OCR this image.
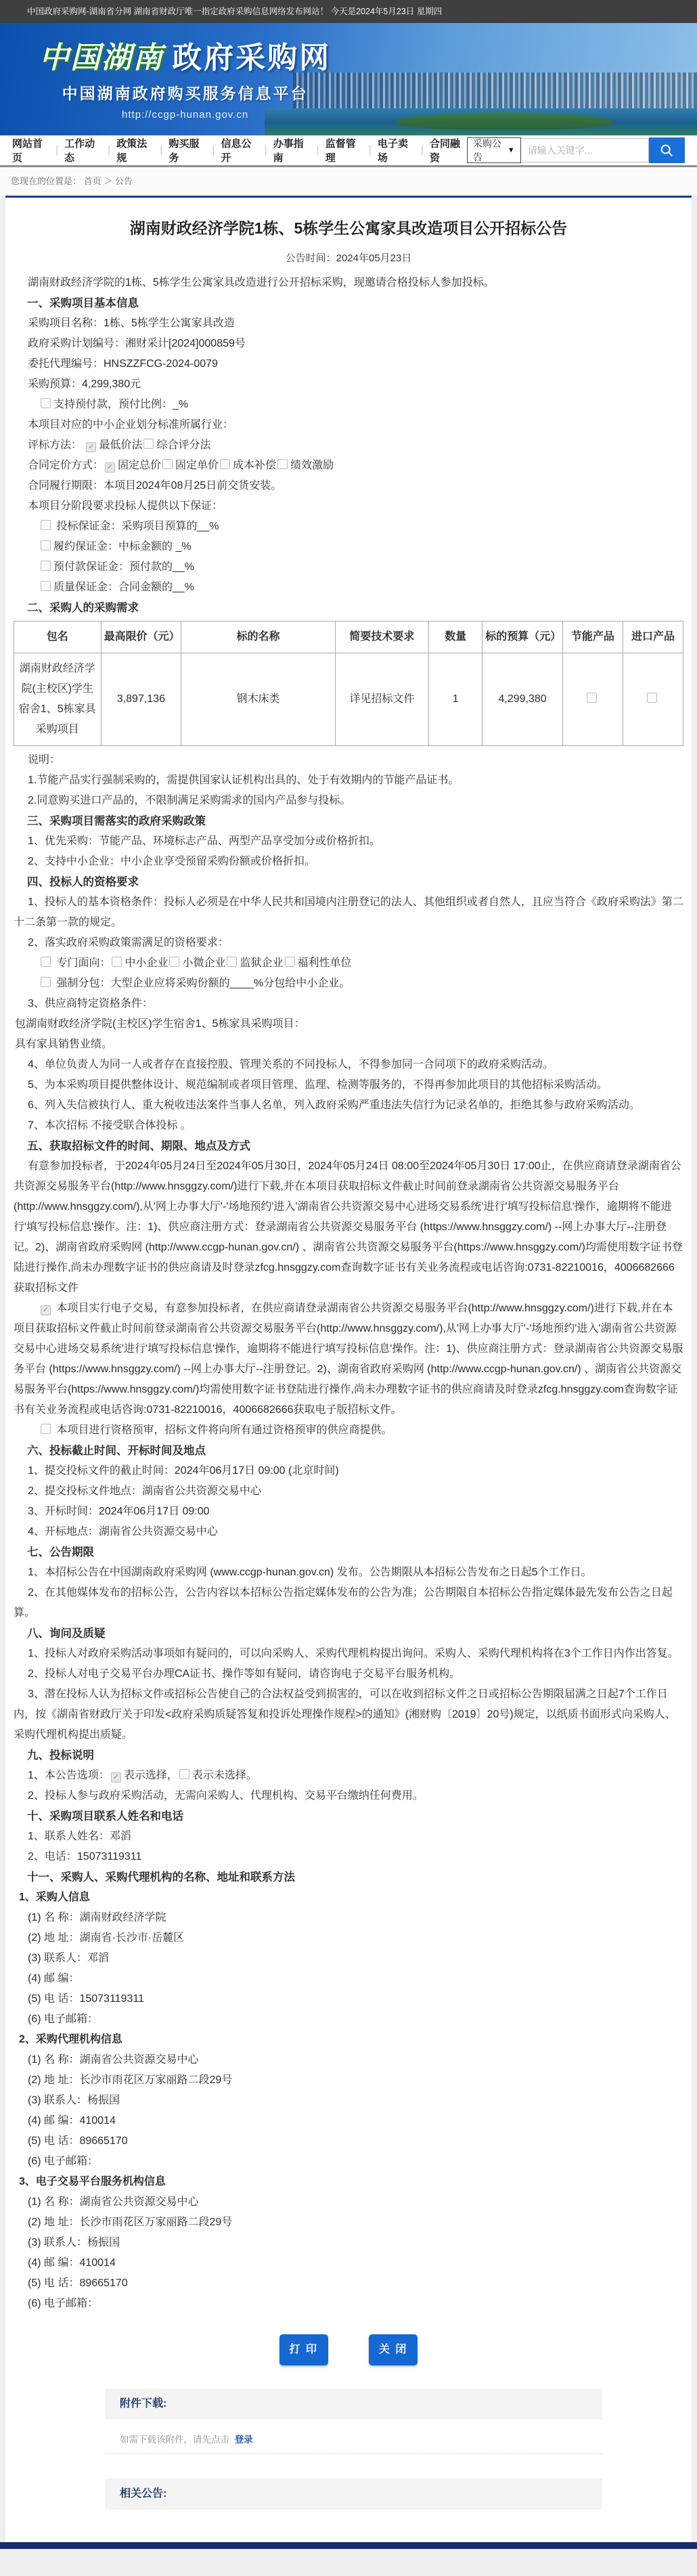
中国政府采购网-湖南省分网 湖南省财政厅唯一指定政府采购信息网络发布网站！ 今天是2024年5月23日 星期四
中国湖南 政府采购网
中国湖南政府购买服务信息平台
http://ccgp-hunan.gov.cn
网站首页
|
工作动态
|
政策法规
|
购买服务
|
信息公开
|
办事指南
|
监督管理
|
电子卖场
|
合同融资
采购公告
▼
请输入关键字...
您现在的位置是： 首页 ＞ 公告
湖南财政经济学院1栋、5栋学生公寓家具改造项目公开招标公告
公告时间：2024年05月23日

湖南财政经济学院的1栋、5栋学生公寓家具改造进行公开招标采购，现邀请合格投标人参加投标。

一、采购项目基本信息

采购项目名称：1栋、5栋学生公寓家具改造

政府采购计划编号：湘财采计[2024]000859号

委托代理编号：HNSZZFCG-2024-0079

采购预算：4,299,380元

支持预付款，预付比例：_%

本项目对应的中小企业划分标准所属行业：

评标方法： ✓ 最低价法 综合评分法

合同定价方式： ✓ 固定总价 固定单价 成本补偿 绩效激励

合同履行期限：本项目2024年08月25日前交货安装。

本项目分阶段要求投标人提供以下保证：

投标保证金：采购项目预算的__%

履约保证金：中标金额的 _%

预付款保证金：预付款的__%

质量保证金：合同金额的__%

二、采购人的采购需求

包名	最高限价（元）	标的名称	简要技术要求	数量	标的预算（元）	节能产品	进口产品
湖南财政经济学院(主校区)学生宿舍1、5栋家具采购项目	3,897,136	钢木床类	详见招标文件	1	4,299,380		

说明：

1.节能产品实行强制采购的，需提供国家认证机构出具的、处于有效期内的节能产品证书。

2.同意购买进口产品的，不限制满足采购需求的国内产品参与投标。

三、采购项目需落实的政府采购政策

1、优先采购：节能产品、环境标志产品、两型产品享受加分或价格折扣。

2、支持中小企业：中小企业享受预留采购份额或价格折扣。

四、投标人的资格要求

1、投标人的基本资格条件：投标人必须是在中华人民共和国境内注册登记的法人、其他组织或者自然人，且应当符合《政府采购法》第二十二条第一款的规定。

2、落实政府采购政策需满足的资格要求：

专门面向： 中小企业 小微企业 监狱企业 福利性单位

强制分包：大型企业应将采购份额的____%分包给中小企业。

3、供应商特定资格条件：

包湖南财政经济学院(主校区)学生宿舍1、5栋家具采购项目：

具有家具销售业绩。

4、单位负责人为同一人或者存在直接控股、管理关系的不同投标人，不得参加同一合同项下的政府采购活动。

5、为本采购项目提供整体设计、规范编制或者项目管理、监理、检测等服务的，不得再参加此项目的其他招标采购活动。

6、列入失信被执行人、重大税收违法案件当事人名单，列入政府采购严重违法失信行为记录名单的，拒绝其参与政府采购活动。

7、本次招标 不接受联合体投标 。

五、获取招标文件的时间、期限、地点及方式

有意参加投标者，于2024年05月24日至2024年05月30日，2024年05月24日 08:00至2024年05月30日 17:00止，在供应商请登录湖南省公共资源交易服务平台(http://www.hnsggzy.com/)进行下载,并在本项目获取招标文件截止时间前登录湖南省公共资源交易服务平台(http://www.hnsggzy.com/),从'网上办事大厅'-'场地预约'进入'湖南省公共资源交易中心进场交易系统'进行'填写投标信息'操作，逾期将不能进行'填写投标信息'操作。注：1)、供应商注册方式：登录湖南省公共资源交易服务平台 (https://www.hnsggzy.com/) --网上办事大厅--注册登记。2)、湖南省政府采购网 (http://www.ccgp-hunan.gov.cn/) 、湖南省公共资源交易服务平台(https://www.hnsggzy.com/)均需使用数字证书登陆进行操作,尚未办理数字证书的供应商请及时登录zfcg.hnsggzy.com查询数字证书有关业务流程或电话咨询:0731-82210016，4006682666获取招标文件

✓ 本项目实行电子交易，有意参加投标者，在供应商请登录湖南省公共资源交易服务平台(http://www.hnsggzy.com/)进行下载,并在本项目获取招标文件截止时间前登录湖南省公共资源交易服务平台(http://www.hnsggzy.com/),从'网上办事大厅'-'场地预约'进入'湖南省公共资源交易中心进场交易系统'进行'填写投标信息'操作，逾期将不能进行'填写投标信息'操作。注：1)、供应商注册方式：登录湖南省公共资源交易服务平台 (https://www.hnsggzy.com/) --网上办事大厅--注册登记。2)、湖南省政府采购网 (http://www.ccgp-hunan.gov.cn/) 、湖南省公共资源交易服务平台(https://www.hnsggzy.com/)均需使用数字证书登陆进行操作,尚未办理数字证书的供应商请及时登录zfcg.hnsggzy.com查询数字证书有关业务流程或电话咨询:0731-82210016，4006682666获取电子版招标文件。

本项目进行资格预审，招标文件将向所有通过资格预审的供应商提供。

六、投标截止时间、开标时间及地点

1、提交投标文件的截止时间：2024年06月17日 09:00 (北京时间)

2、提交投标文件地点：湖南省公共资源交易中心

3、开标时间：2024年06月17日 09:00

4、开标地点：湖南省公共资源交易中心

七、公告期限

1、本招标公告在中国湖南政府采购网 (www.ccgp-hunan.gov.cn) 发布。公告期限从本招标公告发布之日起5个工作日。

2、在其他媒体发布的招标公告，公告内容以本招标公告指定媒体发布的公告为准；公告期限自本招标公告指定媒体最先发布公告之日起算。

八、询问及质疑

1、投标人对政府采购活动事项如有疑问的，可以向采购人、采购代理机构提出询问。采购人、采购代理机构将在3个工作日内作出答复。

2、投标人对电子交易平台办理CA证书、操作等如有疑问，请咨询电子交易平台服务机构。

3、潜在投标人认为招标文件或招标公告使自己的合法权益受到损害的，可以在收到招标文件之日或招标公告期限届满之日起7个工作日内，按《湖南省财政厅关于印发<政府采购质疑答复和投诉处理操作规程>的通知》(湘财购〔2019〕20号)规定，以纸质书面形式向采购人、采购代理机构提出质疑。

九、投标说明

1、本公告选项： ✓ 表示选择， 表示未选择。

2、投标人参与政府采购活动，无需向采购人、代理机构、交易平台缴纳任何费用。

十、采购项目联系人姓名和电话

1、联系人姓名：邓滔

2、电话：15073119311

十一、采购人、采购代理机构的名称、地址和联系方法

1、采购人信息

(1) 名 称：湖南财政经济学院

(2) 地 址：湖南省·长沙市·岳麓区

(3) 联系人：邓滔

(4) 邮 编：

(5) 电 话：15073119311

(6) 电子邮箱：

2、采购代理机构信息

(1) 名 称：湖南省公共资源交易中心

(2) 地 址：长沙市雨花区万家丽路二段29号

(3) 联系人：杨振国

(4) 邮 编：410014

(5) 电 话：89665170

(6) 电子邮箱：

3、电子交易平台服务机构信息

(1) 名 称：湖南省公共资源交易中心

(2) 地 址：长沙市雨花区万家丽路二段29号

(3) 联系人：杨振国

(4) 邮 编：410014

(5) 电 话：89665170

(6) 电子邮箱：

打 印	关 闭
附件下载:
如需下载该附件，请先点击 登录
相关公告:
